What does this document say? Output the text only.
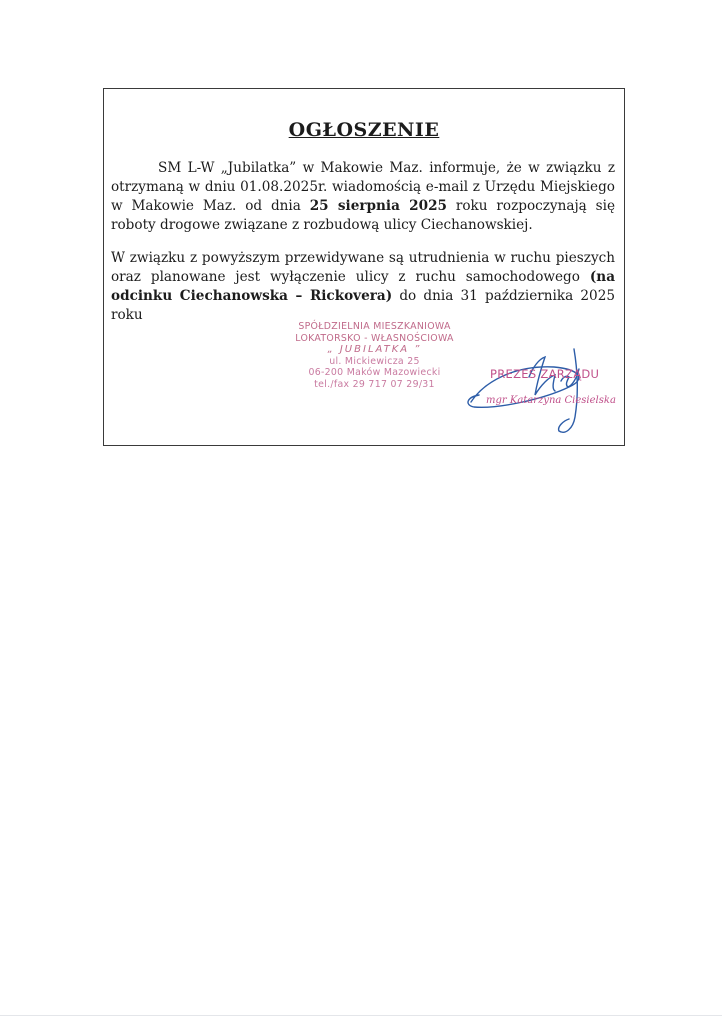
OGŁOSZENIE
SM L-W „Jubilatka” w Makowie Maz. informuje, że w związku z otrzymaną w dniu 01.08.2025r. wiadomością e-mail z Urzędu Miejskiego w Makowie Maz. od dnia 25 sierpnia 2025 roku rozpoczynają się roboty drogowe związane z rozbudową ulicy Ciechanowskiej.
W związku z powyższym przewidywane są utrudnienia w ruchu pieszych oraz planowane jest wyłączenie ulicy z ruchu samochodowego (na odcinku Ciechanowska – Rickovera) do dnia 31 października 2025 roku
SPÓŁDZIELNIA MIESZKANIOWA
LOKATORSKO - WŁASNOŚCIOWA
„ JUBILATKA ”
ul. Mickiewicza 25
06-200 Maków Mazowiecki
tel./fax 29 717 07 29/31
PREZES ZARZĄDU
mgr Katarzyna Ciesielska
